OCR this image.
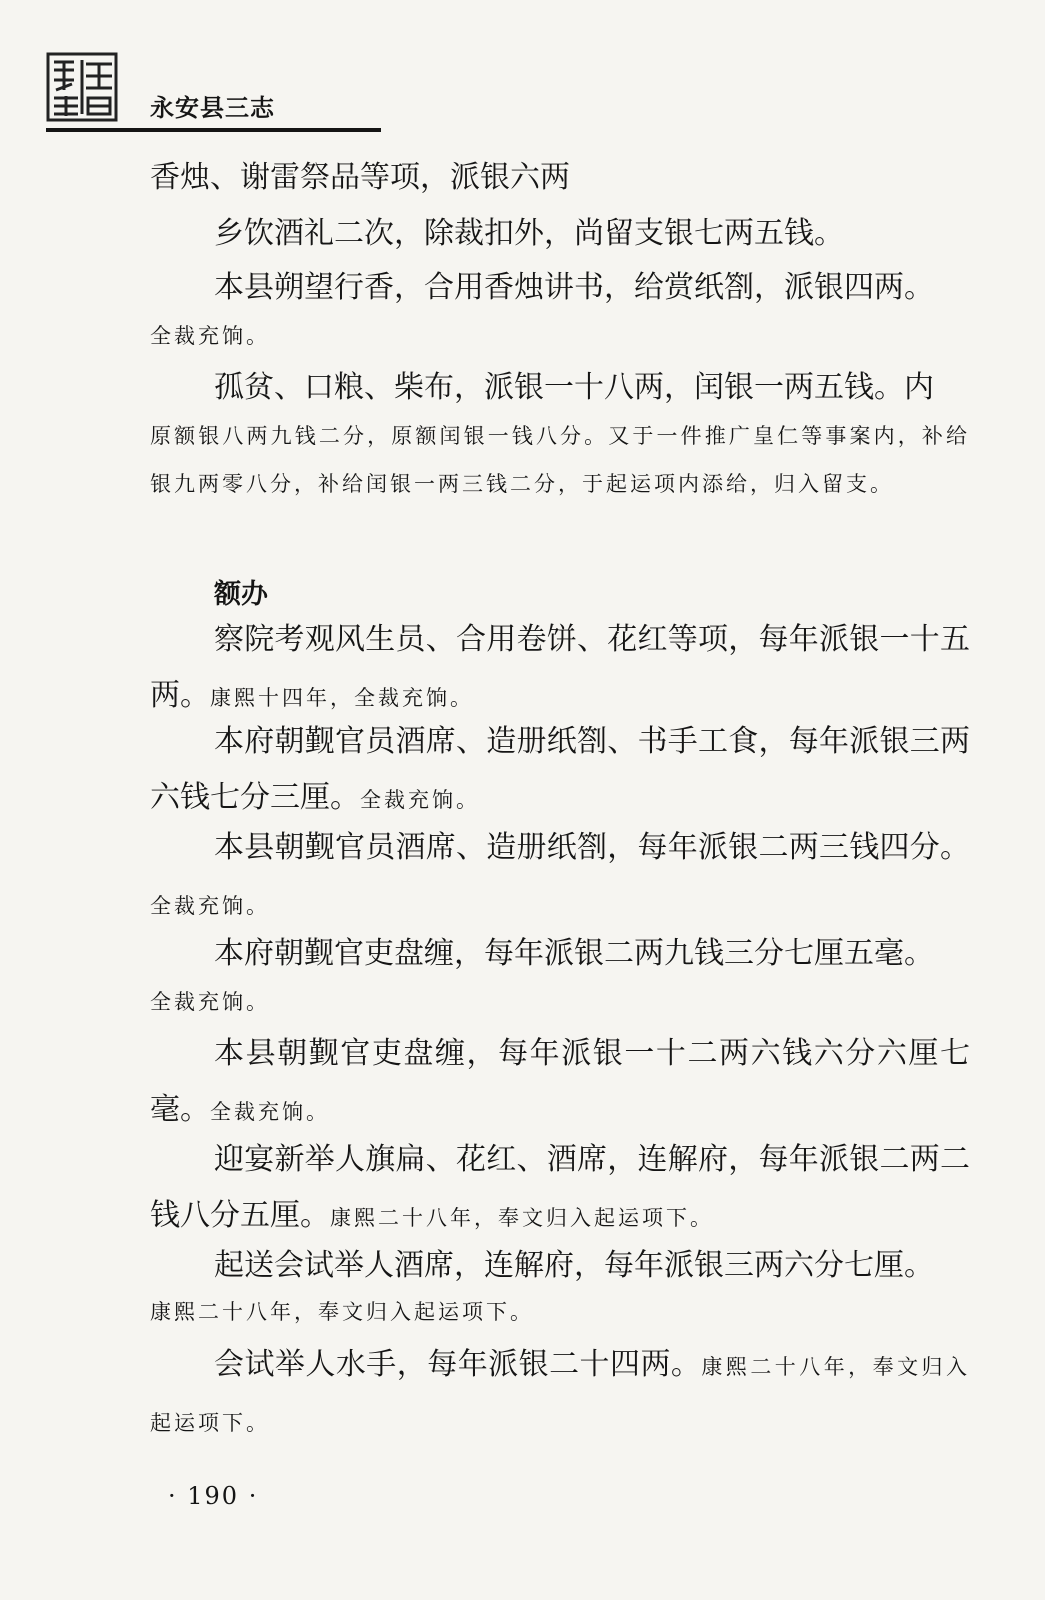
永安县三志

香烛、谢雷祭品等项，派银六两

乡饮酒礼二次，除裁扣外，尚留支银七两五钱。

本县朔望行香，合用香烛讲书，给赏纸劄，派银四两。

全裁充饷。

孤贫、口粮、柴布，派银一十八两，闰银一两五钱。内

原额银八两九钱二分，原额闰银一钱八分。又于一件推广皇仁等事案内，补给银九两零八分，补给闰银一两三钱二分，于起运项内添给，归入留支。

额办

察院考观风生员、合用卷饼、花红等项，每年派银一十五两。康熙十四年，全裁充饷。

本府朝觐官员酒席、造册纸劄、书手工食，每年派银三两六钱七分三厘。全裁充饷。

本县朝觐官员酒席、造册纸劄，每年派银二两三钱四分。全裁充饷。

本府朝觐官吏盘缠，每年派银二两九钱三分七厘五毫。

全裁充饷。

本县朝觐官吏盘缠，每年派银一十二两六钱六分六厘七毫。全裁充饷。

迎宴新举人旗扁、花红、酒席，连解府，每年派银二两二钱八分五厘。康熙二十八年，奉文归入起运项下。

起送会试举人酒席，连解府，每年派银三两六分七厘。

康熙二十八年，奉文归入起运项下。

会试举人水手，每年派银二十四两。康熙二十八年，奉文归入起运项下。

· 190 ·
